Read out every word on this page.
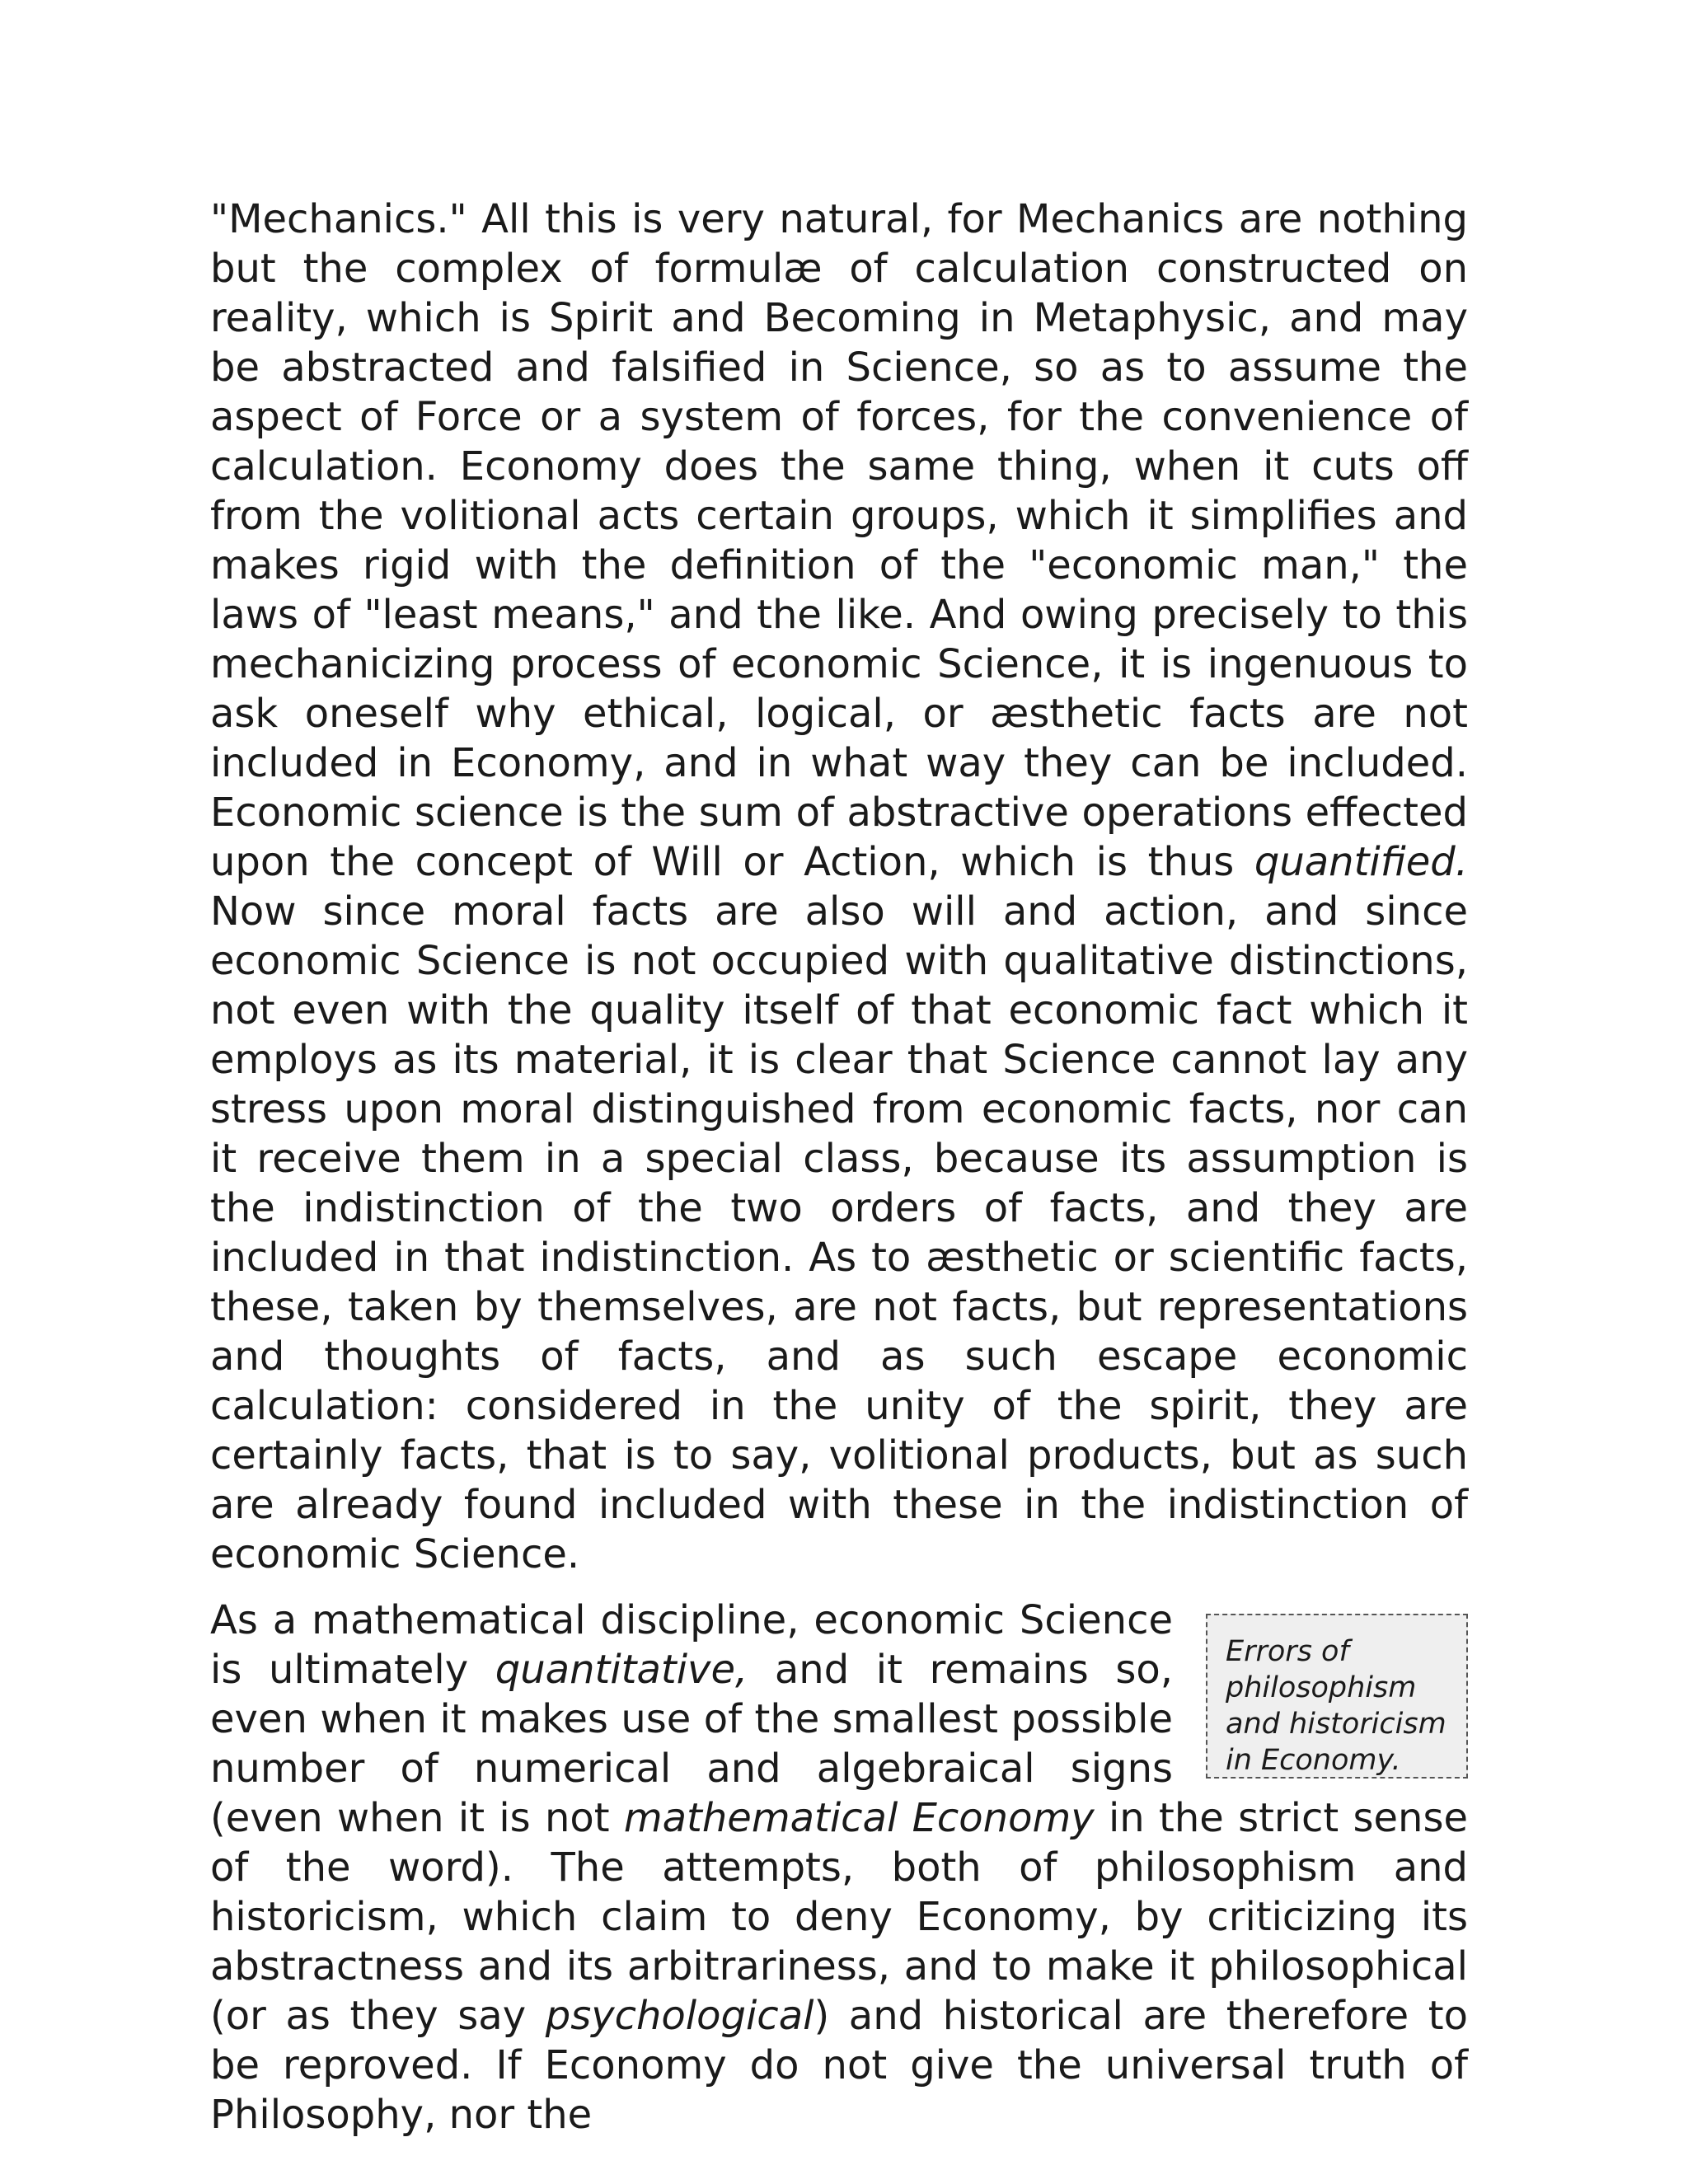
"Mechanics." All this is very natural, for Mechanics are nothing but the complex of formulæ of calculation constructed on reality, which is Spirit and Becoming in Metaphysic, and may be abstracted and falsified in Science, so as to assume the aspect of Force or a system of forces, for the convenience of calculation. Economy does the same thing, when it cuts off from the volitional acts certain groups, which it simplifies and makes rigid with the definition of the "economic man," the laws of "least means," and the like. And owing precisely to this mechanicizing process of economic Science, it is ingenuous to ask oneself why ethical, logical, or æsthetic facts are not included in Economy, and in what way they can be included. Economic science is the sum of abstractive operations effected upon the concept of Will or Action, which is thus quantified. Now since moral facts are also will and action, and since economic Science is not occupied with qualitative distinctions, not even with the quality itself of that economic fact which it employs as its material, it is clear that Science cannot lay any stress upon moral distinguished from economic facts, nor can it receive them in a special class, because its assumption is the indistinction of the two orders of facts, and they are included in that indistinction. As to æsthetic or scientific facts, these, taken by themselves, are not facts, but representations and thoughts of facts, and as such escape economic calculation: considered in the unity of the spirit, they are certainly facts, that is to say, volitional products, but as such are already found included with these in the indistinction of economic Science.

Errors of philosophism and historicism in Economy.
As a mathematical discipline, economic Science is ultimately quantitative, and it remains so, even when it makes use of the smallest possible number of numerical and algebraical signs (even when it is not mathematical Economy in the strict sense of the word). The attempts, both of philosophism and historicism, which claim to deny Economy, by criticizing its abstractness and its arbitrariness, and to make it philosophical (or as they say psychological) and historical are therefore to be reproved. If Economy do not give the universal truth of Philosophy, nor the
